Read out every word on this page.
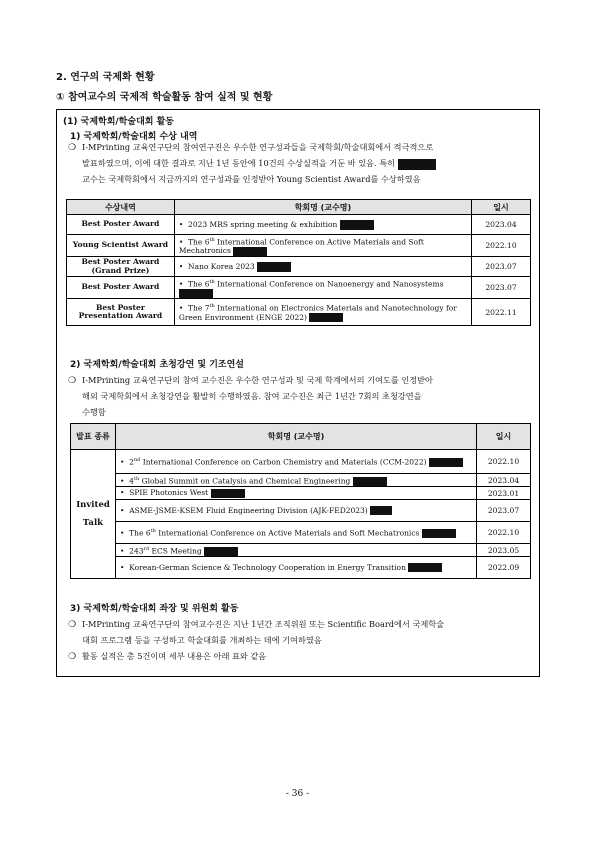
2. 연구의 국제화 현황
① 참여교수의 국제적 학술활동 참여 실적 및 현황
(1) 국제학회/학술대회 활동
1) 국제학회/학술대회 수상 내역
❍ I-MPrinting 교육연구단의 참여연구진은 우수한 연구성과들을 국제학회/학술대회에서 적극적으로
발표하였으며, 이에 대한 결과로 지난 1년 동안에 10건의 수상실적을 거둔 바 있음. 특히
교수는 국제학회에서 지금까지의 연구성과를 인정받아 Young Scientist Award를 수상하였음
수상내역	학회명 (교수명)	일시
Best Poster Award	•  2023 MRS spring meeting & exhibition	2023.04
Young Scientist Award	•  The 6th International Conference on Active Materials and Soft Mechatronics	2022.10
Best Poster Award (Grand Prize)	•  Nano Korea 2023	2023.07
Best Poster Award	•  The 6th International Conference on Nanoenergy and Nanosystems	2023.07
Best Poster Presentation Award	•  The 7th International on Electronics Materials and Nanotechnology for Green Environment (ENGE 2022)	2022.11
2) 국제학회/학술대회 초청강연 및 기조연설
❍ I-MPrinting 교육연구단의 참여 교수진은 우수한 연구성과 및 국제 학계에서의 기여도를 인정받아
해외 국제학회에서 초청강연을 활발히 수행하였음. 참여 교수진은 최근 1년간 7회의 초청강연을
수행함
발표 종류	학회명 (교수명)	일시
Invited Talk	•  2nd International Conference on Carbon Chemistry and Materials (CCM-2022)	2022.10
	•  4th Global Summit on Catalysis and Chemical Engineering	2023.04
	•  SPIE Photonics West	2023.01
	•  ASME-JSME-KSEM Fluid Engineering Division (AJK-FED2023)	2023.07
	•  The 6th International Conference on Active Materials and Soft Mechatronics	2022.10
	•  243rd ECS Meeting	2023.05
	•  Korean-German Science & Technology Cooperation in Energy Transition	2022.09
3) 국제학회/학술대회 좌장 및 위원회 활동
❍ I-MPrinting 교육연구단의 참여교수진은 지난 1년간 조직위원 또는 Scientific Board에서 국제학술
대회 프로그램 등을 구성하고 학술대회를 개최하는 데에 기여하였음
❍ 활동 실적은 총 5건이며 세부 내용은 아래 표와 같음
- 36 -
